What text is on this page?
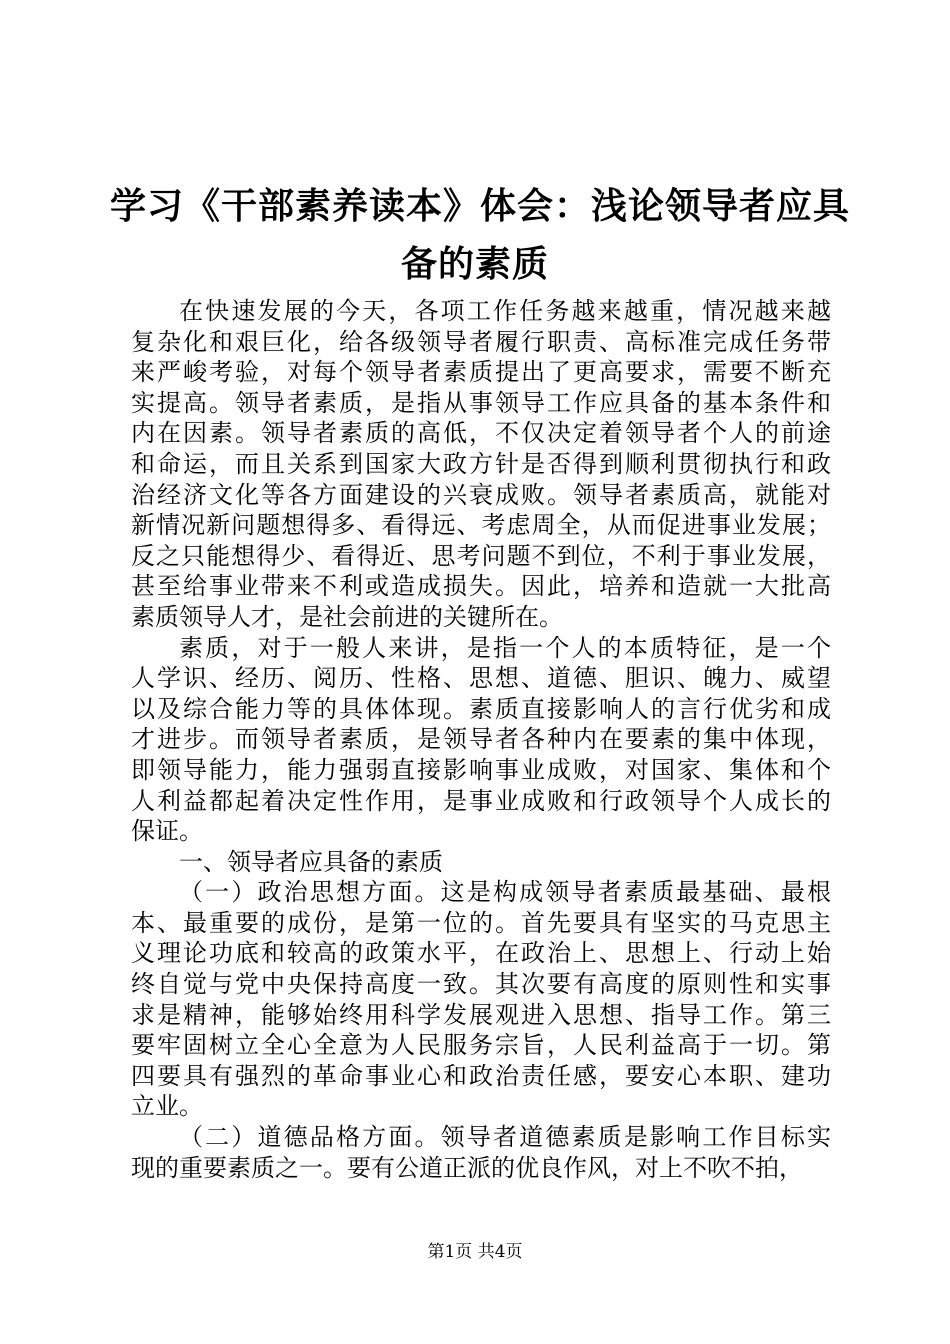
学习《干部素养读本》体会：浅论领导者应具
备的素质
在快速发展的今天，各项工作任务越来越重，情况越来越
复杂化和艰巨化，给各级领导者履行职责、高标准完成任务带
来严峻考验，对每个领导者素质提出了更高要求，需要不断充
实提高。领导者素质，是指从事领导工作应具备的基本条件和
内在因素。领导者素质的高低，不仅决定着领导者个人的前途
和命运，而且关系到国家大政方针是否得到顺利贯彻执行和政
治经济文化等各方面建设的兴衰成败。领导者素质高，就能对
新情况新问题想得多、看得远、考虑周全，从而促进事业发展；
反之只能想得少、看得近、思考问题不到位，不利于事业发展，
甚至给事业带来不利或造成损失。因此，培养和造就一大批高
素质领导人才，是社会前进的关键所在。
素质，对于一般人来讲，是指一个人的本质特征，是一个
人学识、经历、阅历、性格、思想、道德、胆识、魄力、威望
以及综合能力等的具体体现。素质直接影响人的言行优劣和成
才进步。而领导者素质，是领导者各种内在要素的集中体现，
即领导能力，能力强弱直接影响事业成败，对国家、集体和个
人利益都起着决定性作用，是事业成败和行政领导个人成长的
保证。
一、领导者应具备的素质
（一）政治思想方面。这是构成领导者素质最基础、最根
本、最重要的成份，是第一位的。首先要具有坚实的马克思主
义理论功底和较高的政策水平，在政治上、思想上、行动上始
终自觉与党中央保持高度一致。其次要有高度的原则性和实事
求是精神，能够始终用科学发展观进入思想、指导工作。第三
要牢固树立全心全意为人民服务宗旨，人民利益高于一切。第
四要具有强烈的革命事业心和政治责任感，要安心本职、建功
立业。
（二）道德品格方面。领导者道德素质是影响工作目标实
现的重要素质之一。要有公道正派的优良作风，对上不吹不拍，
第1页 共4页
